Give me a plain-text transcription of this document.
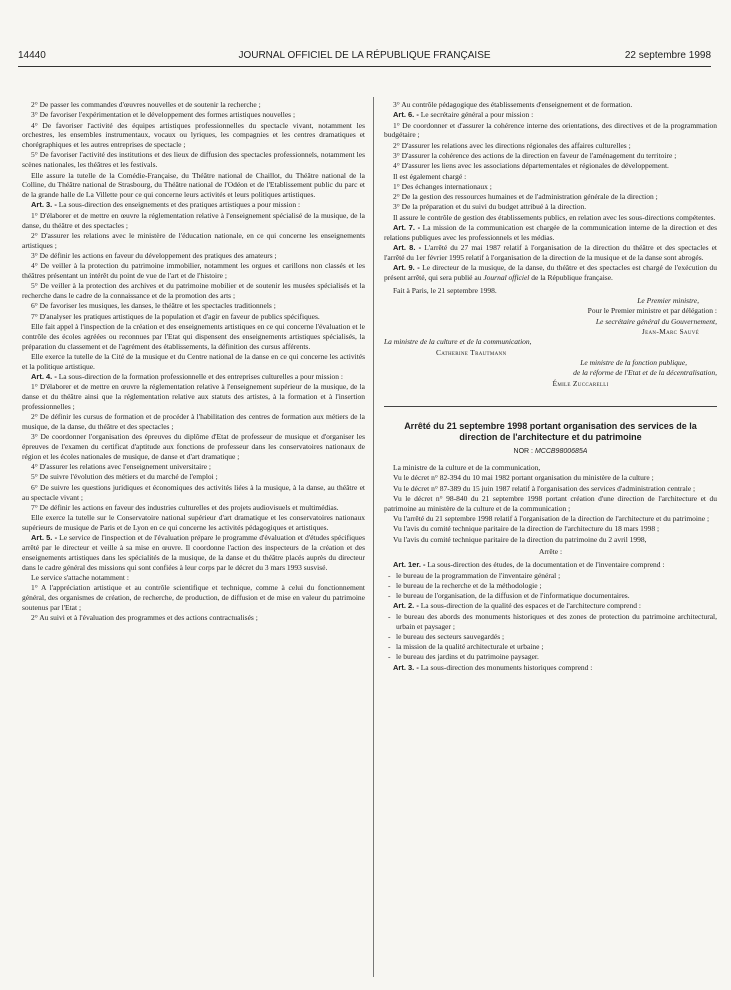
14440	JOURNAL OFFICIEL DE LA RÉPUBLIQUE FRANÇAISE	22 septembre 1998

2° De passer les commandes d'œuvres nouvelles et de soutenir la recherche ;

3° De favoriser l'expérimentation et le développement des formes artistiques nouvelles ;

4° De favoriser l'activité des équipes artistiques professionnelles du spectacle vivant, notamment les orchestres, les ensembles instrumentaux, vocaux ou lyriques, les compagnies et les centres dramatiques et chorégraphiques et les autres entreprises de spectacle ;

5° De favoriser l'activité des institutions et des lieux de diffusion des spectacles professionnels, notamment les scènes nationales, les théâtres et les festivals.

Elle assure la tutelle de la Comédie-Française, du Théâtre national de Chaillot, du Théâtre national de la Colline, du Théâtre national de Strasbourg, du Théâtre national de l'Odéon et de l'Etablissement public du parc et de la grande halle de La Villette pour ce qui concerne leurs activités et leurs politiques artistiques.

Art. 3. - La sous-direction des enseignements et des pratiques artistiques a pour mission :

1° D'élaborer et de mettre en œuvre la réglementation relative à l'enseignement spécialisé de la musique, de la danse, du théâtre et des spectacles ;

2° D'assurer les relations avec le ministère de l'éducation nationale, en ce qui concerne les enseignements artistiques ;

3° De définir les actions en faveur du développement des pratiques des amateurs ;

4° De veiller à la protection du patrimoine immobilier, notamment les orgues et carillons non classés et les théâtres présentant un intérêt du point de vue de l'art et de l'histoire ;

5° De veiller à la protection des archives et du patrimoine mobilier et de soutenir les musées spécialisés et la recherche dans le cadre de la connaissance et de la promotion des arts ;

6° De favoriser les musiques, les danses, le théâtre et les spectacles traditionnels ;

7° D'analyser les pratiques artistiques de la population et d'agir en faveur de publics spécifiques.

Elle fait appel à l'inspection de la création et des enseignements artistiques en ce qui concerne l'évaluation et le contrôle des écoles agréées ou reconnues par l'Etat qui dispensent des enseignements artistiques spécialisés, la préparation du classement et de l'agrément des établissements, la définition des cursus afférents.

Elle exerce la tutelle de la Cité de la musique et du Centre national de la danse en ce qui concerne les activités et la politique artistique.

Art. 4. - La sous-direction de la formation professionnelle et des entreprises culturelles a pour mission :

1° D'élaborer et de mettre en œuvre la réglementation relative à l'enseignement supérieur de la musique, de la danse et du théâtre ainsi que la réglementation relative aux statuts des artistes, à la formation et à l'insertion professionnelles ;

2° De définir les cursus de formation et de procéder à l'habilitation des centres de formation aux métiers de la musique, de la danse, du théâtre et des spectacles ;

3° De coordonner l'organisation des épreuves du diplôme d'Etat de professeur de musique et d'organiser les épreuves de l'examen du certificat d'aptitude aux fonctions de professeur dans les conservatoires nationaux de région et les écoles nationales de musique, de danse et d'art dramatique ;

4° D'assurer les relations avec l'enseignement universitaire ;

5° De suivre l'évolution des métiers et du marché de l'emploi ;

6° De suivre les questions juridiques et économiques des activités liées à la musique, à la danse, au théâtre et au spectacle vivant ;

7° De définir les actions en faveur des industries culturelles et des projets audiovisuels et multimédias.

Elle exerce la tutelle sur le Conservatoire national supérieur d'art dramatique et les conservatoires nationaux supérieurs de musique de Paris et de Lyon en ce qui concerne les activités pédagogiques et artistiques.

Art. 5. - Le service de l'inspection et de l'évaluation prépare le programme d'évaluation et d'études spécifiques arrêté par le directeur et veille à sa mise en œuvre. Il coordonne l'action des inspecteurs de la création et des enseignements artistiques dans les spécialités de la musique, de la danse et du théâtre placés auprès du directeur dans le cadre général des missions qui sont confiées à leur corps par le décret du 3 mars 1993 susvisé.

Le service s'attache notamment :

1° A l'appréciation artistique et au contrôle scientifique et technique, comme à celui du fonctionnement général, des organismes de création, de recherche, de production, de diffusion et de mise en valeur du patrimoine soutenus par l'Etat ;

2° Au suivi et à l'évaluation des programmes et des actions contractualisés ;

3° Au contrôle pédagogique des établissements d'enseignement et de formation.

Art. 6. - Le secrétaire général a pour mission :

1° De coordonner et d'assurer la cohérence interne des orientations, des directives et de la programmation budgétaire ;

2° D'assurer les relations avec les directions régionales des affaires culturelles ;

3° D'assurer la cohérence des actions de la direction en faveur de l'aménagement du territoire ;

4° D'assurer les liens avec les associations départementales et régionales de développement.

Il est également chargé :

1° Des échanges internationaux ;

2° De la gestion des ressources humaines et de l'administration générale de la direction ;

3° De la préparation et du suivi du budget attribué à la direction.

Il assure le contrôle de gestion des établissements publics, en relation avec les sous-directions compétentes.

Art. 7. - La mission de la communication est chargée de la communication interne de la direction et des relations publiques avec les professionnels et les médias.

Art. 8. - L'arrêté du 27 mai 1987 relatif à l'organisation de la direction du théâtre et des spectacles et l'arrêté du 1er février 1995 relatif à l'organisation de la direction de la musique et de la danse sont abrogés.

Art. 9. - Le directeur de la musique, de la danse, du théâtre et des spectacles est chargé de l'exécution du présent arrêté, qui sera publié au Journal officiel de la République française.

Fait à Paris, le 21 septembre 1998.

Le Premier ministre,

Pour le Premier ministre et par délégation :

Le secrétaire général du Gouvernement,

Jean-Marc Sauvé

La ministre de la culture et de la communication,

Catherine Trautmann

Le ministre de la fonction publique,

de la réforme de l'Etat et de la décentralisation,

Émile Zuccarelli

Arrêté du 21 septembre 1998 portant organisation des services de la direction de l'architecture et du patrimoine
NOR : MCCB9800685A

La ministre de la culture et de la communication,

Vu le décret n° 82-394 du 10 mai 1982 portant organisation du ministère de la culture ;

Vu le décret n° 87-389 du 15 juin 1987 relatif à l'organisation des services d'administration centrale ;

Vu le décret n° 98-840 du 21 septembre 1998 portant création d'une direction de l'architecture et du patrimoine au ministère de la culture et de la communication ;

Vu l'arrêté du 21 septembre 1998 relatif à l'organisation de la direction de l'architecture et du patrimoine ;

Vu l'avis du comité technique paritaire de la direction de l'architecture du 18 mars 1998 ;

Vu l'avis du comité technique paritaire de la direction du patrimoine du 2 avril 1998,

Arrête :

Art. 1er. - La sous-direction des études, de la documentation et de l'inventaire comprend :

- le bureau de la programmation de l'inventaire général ;

- le bureau de la recherche et de la méthodologie ;

- le bureau de l'organisation, de la diffusion et de l'informatique documentaires.

Art. 2. - La sous-direction de la qualité des espaces et de l'architecture comprend :

- le bureau des abords des monuments historiques et des zones de protection du patrimoine architectural, urbain et paysager ;

- le bureau des secteurs sauvegardés ;

- la mission de la qualité architecturale et urbaine ;

- le bureau des jardins et du patrimoine paysager.

Art. 3. - La sous-direction des monuments historiques comprend :
